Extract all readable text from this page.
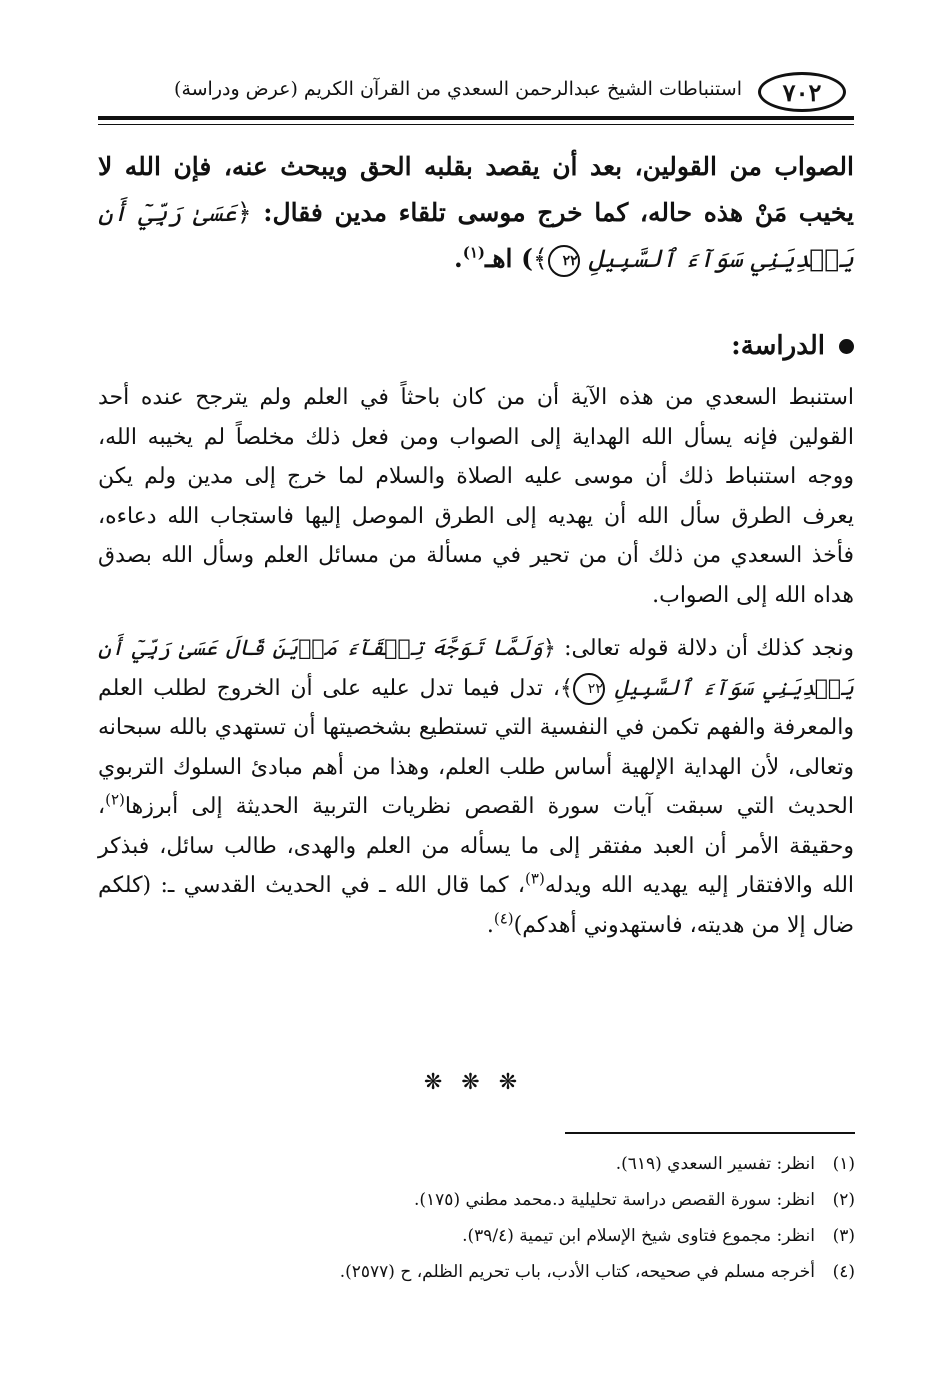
٧٠٢
استنباطات الشيخ عبدالرحمن السعدي من القرآن الكريم (عرض ودراسة)

الصواب من القولين، بعد أن يقصد بقلبه الحق ويبحث عنه، فإن الله لا يخيب مَنْ هذه حاله، كما خرج موسى تلقاء مدين فقال: ﴿عَسَىٰ رَبِّيٓ أَن يَهۡدِيَنِي سَوَآءَ ٱلسَّبِيلِ ٢٢﴾) اهـ$^{(١)}$.

الدراسة:

استنبط السعدي من هذه الآية أن من كان باحثاً في العلم ولم يترجح عنده أحد القولين فإنه يسأل الله الهداية إلى الصواب ومن فعل ذلك مخلصاً لم يخيبه الله، ووجه استنباط ذلك أن موسى عليه الصلاة والسلام لما خرج إلى مدين ولم يكن يعرف الطرق سأل الله أن يهديه إلى الطرق الموصل إليها فاستجاب الله دعاءه، فأخذ السعدي من ذلك أن من تحير في مسألة من مسائل العلم وسأل الله بصدق هداه الله إلى الصواب.

ونجد كذلك أن دلالة قوله تعالى: ﴿وَلَمَّا تَوَجَّهَ تِلۡقَآءَ مَدۡيَنَ قَالَ عَسَىٰ رَبِّيٓ أَن يَهۡدِيَنِي سَوَآءَ ٱلسَّبِيلِ ٢٢﴾، تدل فيما تدل عليه على أن الخروج لطلب العلم والمعرفة والفهم تكمن في النفسية التي تستطيع بشخصيتها أن تستهدي بالله سبحانه وتعالى، لأن الهداية الإلهية أساس طلب العلم، وهذا من أهم مبادئ السلوك التربوي الحديث التي سبقت آيات سورة القصص نظريات التربية الحديثة إلى أبرزها$^{(٢)}$، وحقيقة الأمر أن العبد مفتقر إلى ما يسأله من العلم والهدى، طالب سائل، فبذكر الله والافتقار إليه يهديه الله ويدله$^{(٣)}$، كما قال الله ـ في الحديث القدسي ـ: (كلكم ضال إلا من هديته، فاستهدوني أهدكم)$^{(٤)}$.

❋ ❋ ❋
(١)انظر: تفسير السعدي (٦١٩).
(٢)انظر: سورة القصص دراسة تحليلية د.محمد مطني (١٧٥).
(٣)انظر: مجموع فتاوى شيخ الإسلام ابن تيمية (٣٩/٤).
(٤)أخرجه مسلم في صحيحه، كتاب الأدب، باب تحريم الظلم، ح (٢٥٧٧).
